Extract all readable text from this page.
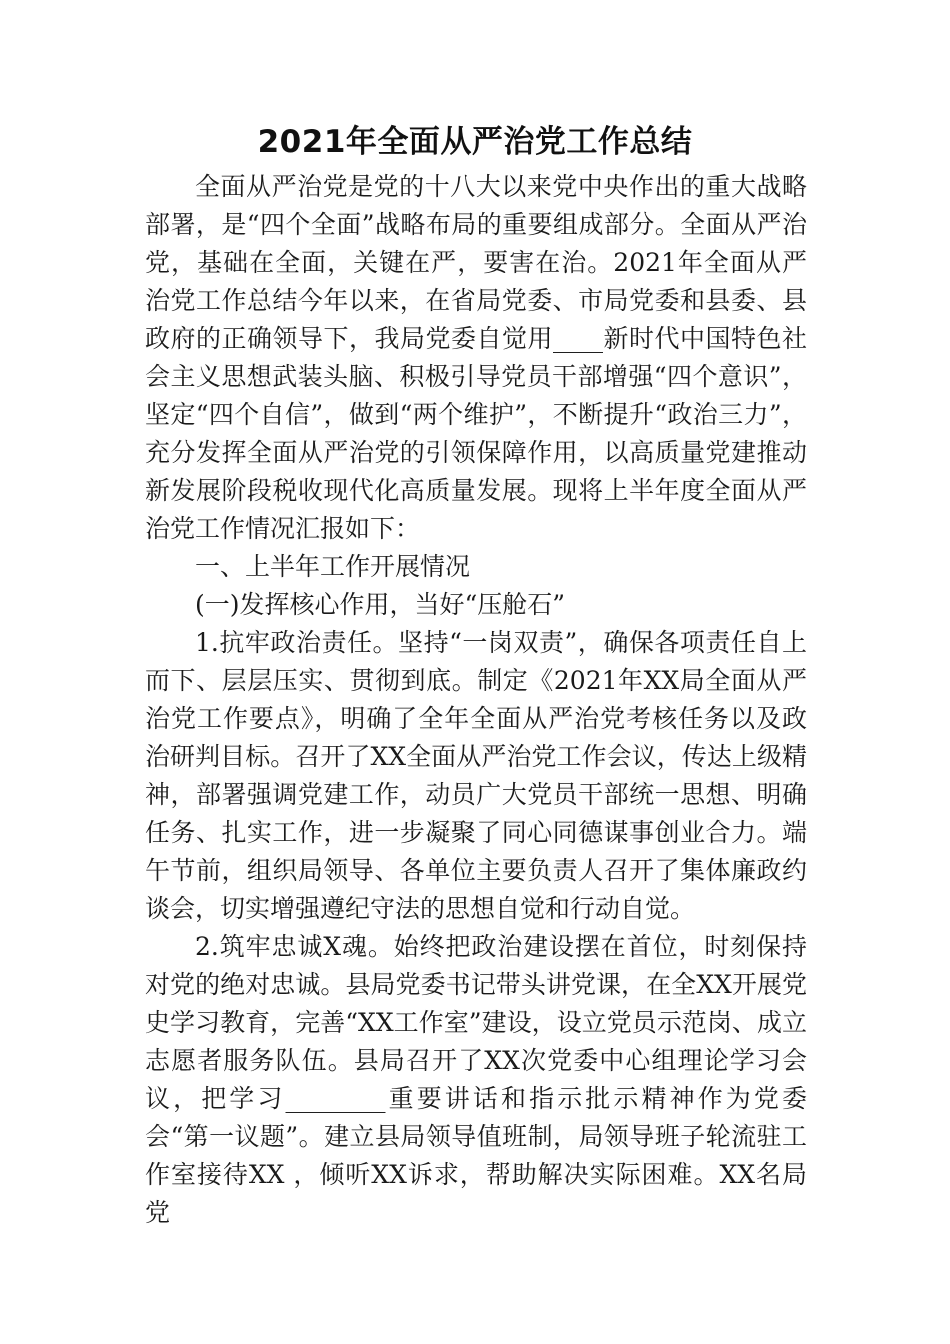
2021年全面从严治党工作总结

全面从严治党是党的十八大以来党中央作出的重大战略部署，是“四个全面”战略布局的重要组成部分。全面从严治党，基础在全面，关键在严，要害在治。2021年全面从严治党工作总结今年以来，在省局党委、市局党委和县委、县政府的正确领导下，我局党委自觉用____新时代中国特色社会主义思想武装头脑、积极引导党员干部增强“四个意识”，坚定“四个自信”，做到“两个维护”，不断提升“政治三力”，充分发挥全面从严治党的引领保障作用，以高质量党建推动新发展阶段税收现代化高质量发展。现将上半年度全面从严治党工作情况汇报如下：

一、上半年工作开展情况

(一)发挥核心作用，当好“压舱石”

1.抗牢政治责任。坚持“一岗双责”，确保各项责任自上而下、层层压实、贯彻到底。制定《2021年XX局全面从严治党工作要点》，明确了全年全面从严治党考核任务以及政治研判目标。召开了XX全面从严治党工作会议，传达上级精神，部署强调党建工作，动员广大党员干部统一思想、明确任务、扎实工作，进一步凝聚了同心同德谋事创业合力。端午节前，组织局领导、各单位主要负责人召开了集体廉政约谈会，切实增强遵纪守法的思想自觉和行动自觉。

2.筑牢忠诚X魂。始终把政治建设摆在首位，时刻保持对党的绝对忠诚。县局党委书记带头讲党课，在全XX开展党史学习教育，完善“XX工作室”建设，设立党员示范岗、成立志愿者服务队伍。县局召开了XX次党委中心组理论学习会议，把学习________重要讲话和指示批示精神作为党委会“第一议题”。建立县局领导值班制，局领导班子轮流驻工作室接待XX ，倾听XX诉求，帮助解决实际困难。XX名局党
